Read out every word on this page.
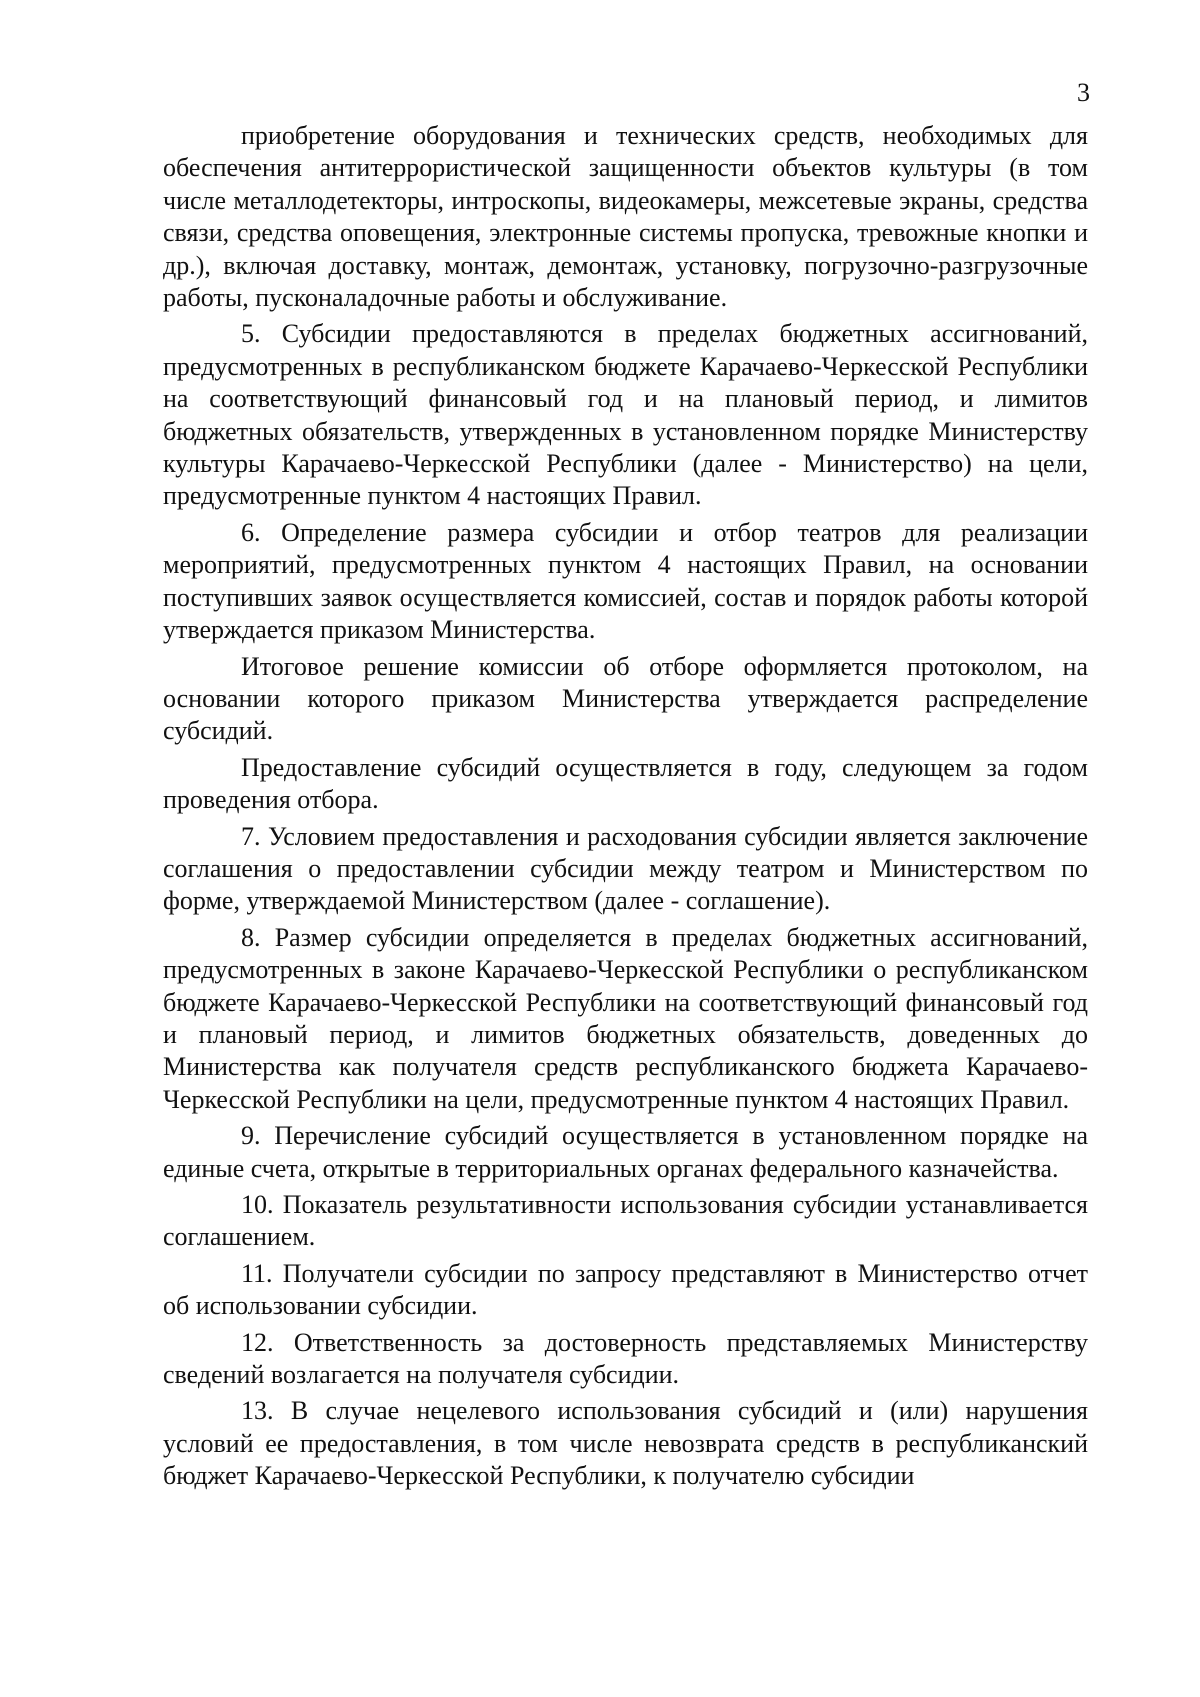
3

приобретение оборудования и технических средств, необходимых для обеспечения антитеррористической защищенности объектов культуры (в том числе металлодетекторы, интроскопы, видеокамеры, межсетевые экраны, средства связи, средства оповещения, электронные системы пропуска, тревожные кнопки и др.), включая доставку, монтаж, демонтаж, установку, погрузочно-разгрузочные работы, пусконаладочные работы и обслуживание.

5. Субсидии предоставляются в пределах бюджетных ассигнований, предусмотренных в республиканском бюджете Карачаево-Черкесской Республики на соответствующий финансовый год и на плановый период, и лимитов бюджетных обязательств, утвержденных в установленном порядке Министерству культуры Карачаево-Черкесской Республики (далее - Министерство) на цели, предусмотренные пунктом 4 настоящих Правил.

6. Определение размера субсидии и отбор театров для реализации мероприятий, предусмотренных пунктом 4 настоящих Правил, на основании поступивших заявок осуществляется комиссией, состав и порядок работы которой утверждается приказом Министерства.

Итоговое решение комиссии об отборе оформляется протоколом, на основании которого приказом Министерства утверждается распределение субсидий.

Предоставление субсидий осуществляется в году, следующем за годом проведения отбора.

7. Условием предоставления и расходования субсидии является заключение соглашения о предоставлении субсидии между театром и Министерством по форме, утверждаемой Министерством (далее - соглашение).

8. Размер субсидии определяется в пределах бюджетных ассигнований, предусмотренных в законе Карачаево-Черкесской Республики о республиканском бюджете Карачаево-Черкесской Республики на соответствующий финансовый год и плановый период, и лимитов бюджетных обязательств, доведенных до Министерства как получателя средств республиканского бюджета Карачаево-Черкесской Республики на цели, предусмотренные пунктом 4 настоящих Правил.

9. Перечисление субсидий осуществляется в установленном порядке на единые счета, открытые в территориальных органах федерального казначейства.

10. Показатель результативности использования субсидии устанавливается соглашением.

11. Получатели субсидии по запросу представляют в Министерство отчет об использовании субсидии.

12. Ответственность за достоверность представляемых Министерству сведений возлагается на получателя субсидии.

13. В случае нецелевого использования субсидий и (или) нарушения условий ее предоставления, в том числе невозврата средств в республиканский бюджет Карачаево-Черкесской Республики, к получателю субсидии
